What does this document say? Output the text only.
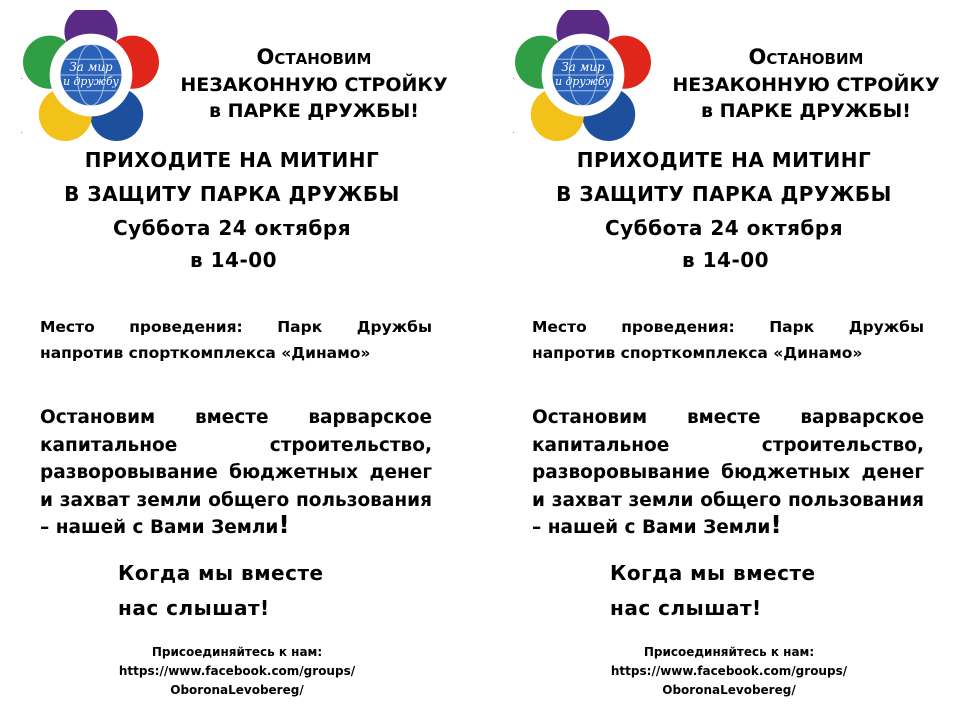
За мир
и дружбу
.
.
Остановим
НЕЗАКОННУЮ СТРОЙКУ
в ПАРКЕ ДРУЖБЫ!
ПРИХОДИТЕ НА МИТИНГ
В ЗАЩИТУ ПАРКА ДРУЖБЫ
Суббота 24 октября
в 14-00
Место проведения: Парк Дружбы напротив спорткомплекса «Динамо»
Остановим вместе варварское капитальное строительство, разворовывание бюджетных денег и захват земли общего пользования – нашей с Вами Земли!
Когда мы вместе
нас слышат!
Присоединяйтесь к нам:
https://www.facebook.com/groups/
ObоronaLevobereg/
За мир
и дружбу
.
.
Остановим
НЕЗАКОННУЮ СТРОЙКУ
в ПАРКЕ ДРУЖБЫ!
ПРИХОДИТЕ НА МИТИНГ
В ЗАЩИТУ ПАРКА ДРУЖБЫ
Суббота 24 октября
в 14-00
Место проведения: Парк Дружбы напротив спорткомплекса «Динамо»
Остановим вместе варварское капитальное строительство, разворовывание бюджетных денег и захват земли общего пользования – нашей с Вами Земли!
Когда мы вместе
нас слышат!
Присоединяйтесь к нам:
https://www.facebook.com/groups/
ObоronaLevobereg/
